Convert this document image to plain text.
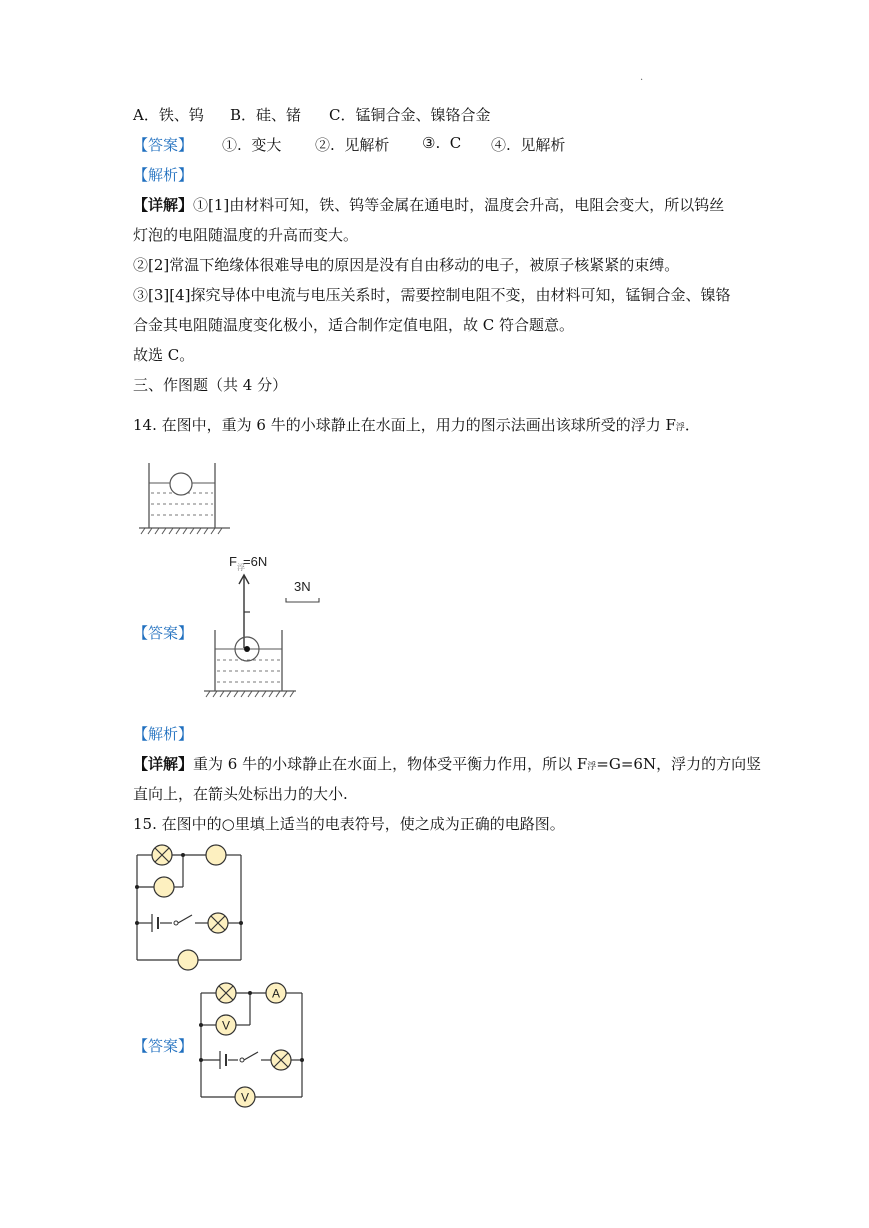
.
A．铁、钨 B．硅、锗 C．锰铜合金、镍铬合金
【答案】 ①. 变大 ②. 见解析 ③. C ④. 见解析
【解析】
【详解】①[1]由材料可知，铁、钨等金属在通电时，温度会升高，电阻会变大，所以钨丝
灯泡的电阻随温度的升高而变大。
②[2]常温下绝缘体很难导电的原因是没有自由移动的电子，被原子核紧紧的束缚。
③[3][4]探究导体中电流与电压关系时，需要控制电阻不变，由材料可知，锰铜合金、镍铬
合金其电阻随温度变化极小，适合制作定值电阻，故 C 符合题意。
故选 C。
三、作图题（共 4 分）
14. 在图中，重为 6 牛的小球静止在水面上，用力的图示法画出该球所受的浮力 F浮．
【答案】
F 浮
=6N
3N
【解析】
【详解】重为 6 牛的小球静止在水面上，物体受平衡力作用，所以 F浮=G=6N，浮力的方向竖
直向上，在箭头处标出力的大小.
15. 在图中的○里填上适当的电表符号，使之成为正确的电路图。
【答案】
A
V
V
